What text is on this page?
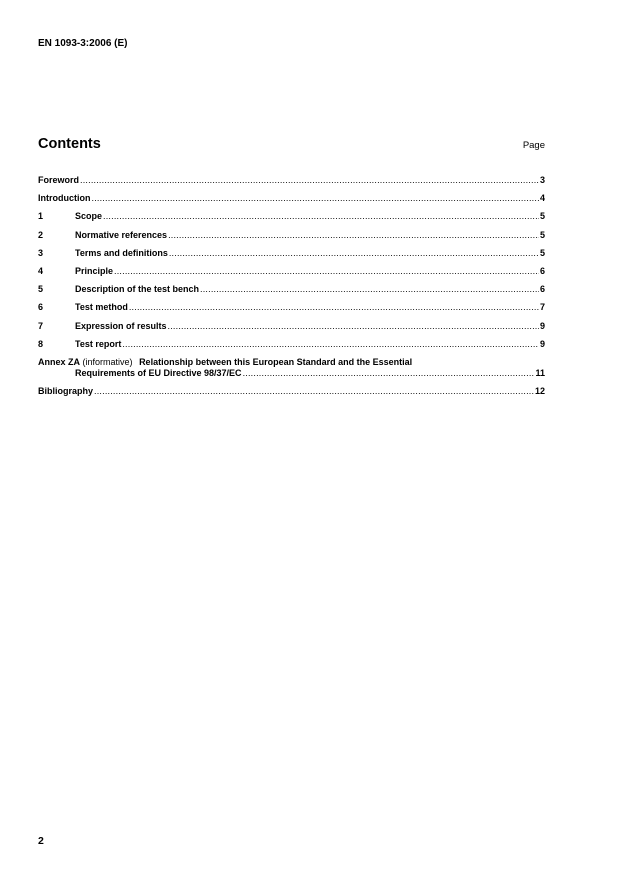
EN 1093-3:2006 (E)
Contents	Page
Foreword .....	3
Introduction .....	4
1	Scope .....	5
2	Normative references .....	5
3	Terms and definitions .....	5
4	Principle .....	6
5	Description of the test bench .....	6
6	Test method .....	7
7	Expression of results .....	9
8	Test report .....	9
Annex ZA (informative) Relationship between this European Standard and the Essential
Requirements of EU Directive 98/37/EC .....	11
Bibliography .....	12
2
